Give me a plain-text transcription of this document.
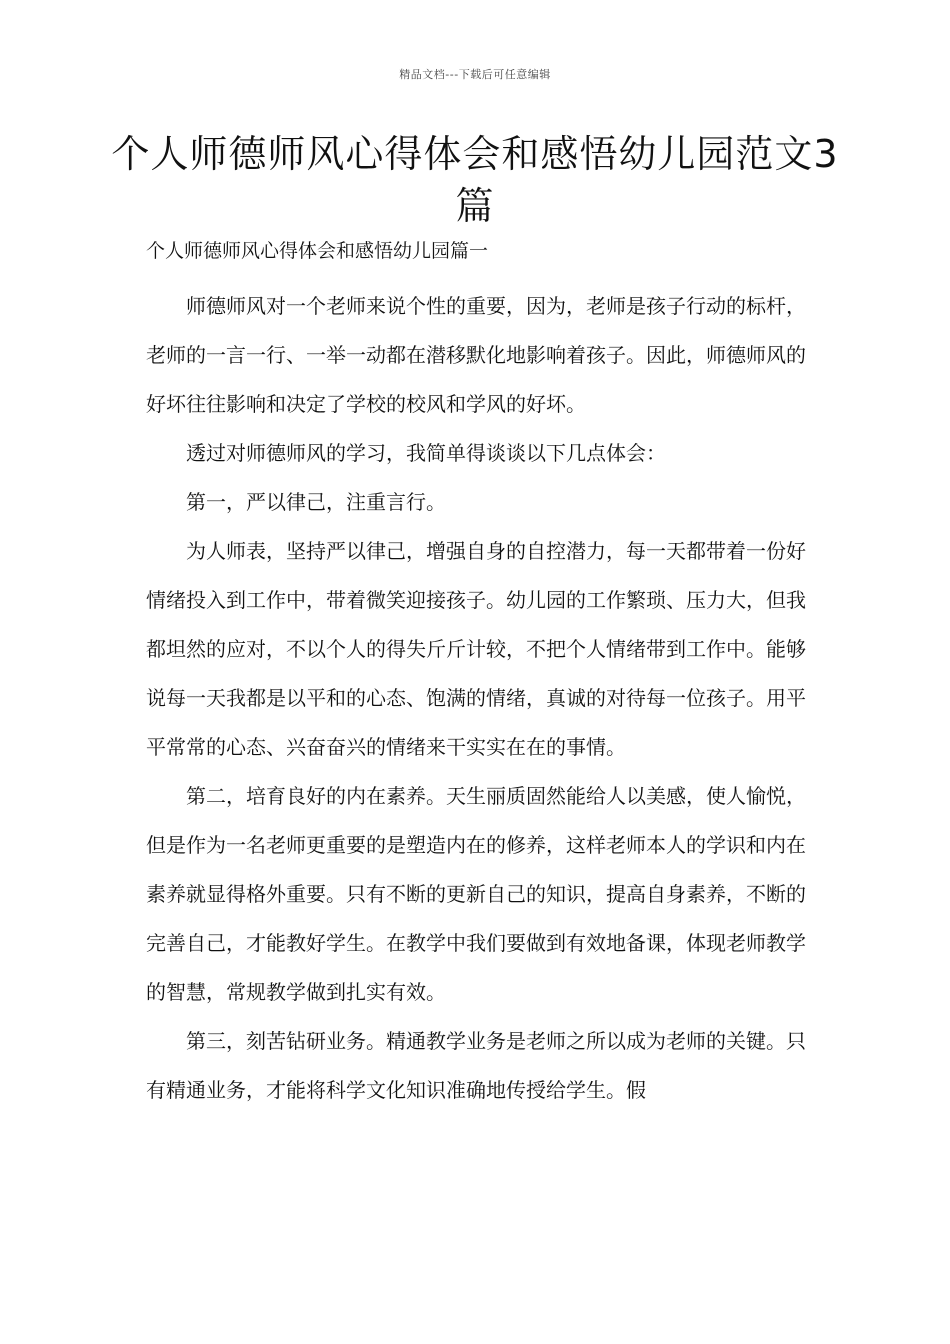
精品文档---下载后可任意编辑
个人师德师风心得体会和感悟幼儿园范文3篇
个人师德师风心得体会和感悟幼儿园篇一

师德师风对一个老师来说个性的重要，因为，老师是孩子行动的标杆，老师的一言一行、一举一动都在潜移默化地影响着孩子。因此，师德师风的好坏往往影响和决定了学校的校风和学风的好坏。

透过对师德师风的学习，我简单得谈谈以下几点体会：

第一，严以律己，注重言行。

为人师表，坚持严以律己，增强自身的自控潜力，每一天都带着一份好情绪投入到工作中，带着微笑迎接孩子。幼儿园的工作繁琐、压力大，但我都坦然的应对，不以个人的得失斤斤计较，不把个人情绪带到工作中。能够说每一天我都是以平和的心态、饱满的情绪，真诚的对待每一位孩子。用平平常常的心态、兴奋奋兴的情绪来干实实在在的事情。

第二，培育良好的内在素养。天生丽质固然能给人以美感，使人愉悦，但是作为一名老师更重要的是塑造内在的修养，这样老师本人的学识和内在素养就显得格外重要。只有不断的更新自己的知识，提高自身素养，不断的完善自己，才能教好学生。在教学中我们要做到有效地备课，体现老师教学的智慧，常规教学做到扎实有效。

第三，刻苦钻研业务。精通教学业务是老师之所以成为老师的关键。只有精通业务，才能将科学文化知识准确地传授给学生。假
